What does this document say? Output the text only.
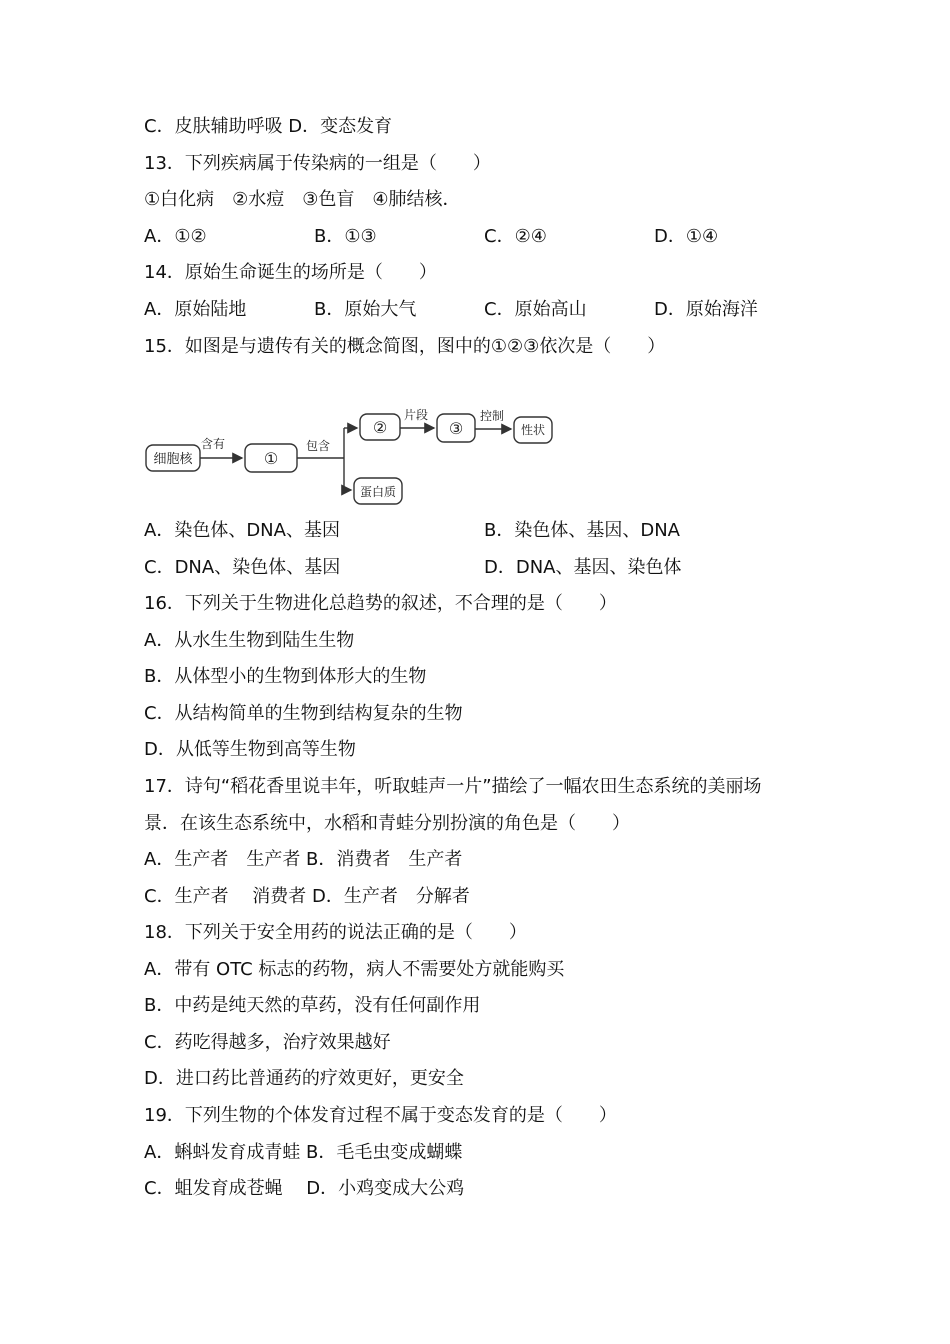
C．皮肤辅助呼吸 D．变态发育
13．下列疾病属于传染病的一组是（　　）
①白化病　②水痘　③色盲　④肺结核．
A．①②	B．①③	C．②④	D．①④
14．原始生命诞生的场所是（　　）
A．原始陆地	B．原始大气	C．原始高山	D．原始海洋
15．如图是与遗传有关的概念简图，图中的①②③依次是（　　）
细胞核
含有
①
包含
②
片段
③
控制
性状
蛋白质
A．染色体、DNA、基因	B．染色体、基因、DNA
C．DNA、染色体、基因	D．DNA、基因、染色体
16．下列关于生物进化总趋势的叙述，不合理的是（　　）
A．从水生生物到陆生生物
B．从体型小的生物到体形大的生物
C．从结构简单的生物到结构复杂的生物
D．从低等生物到高等生物
17．诗句“稻花香里说丰年，听取蛙声一片”描绘了一幅农田生态系统的美丽场
景．在该生态系统中，水稻和青蛙分别扮演的角色是（　　）
A．生产者　生产者 B．消费者　生产者
C．生产者　 消费者 D．生产者　分解者
18．下列关于安全用药的说法正确的是（　　）
A．带有 OTC 标志的药物，病人不需要处方就能购买
B．中药是纯天然的草药，没有任何副作用
C．药吃得越多，治疗效果越好
D．进口药比普通药的疗效更好，更安全
19．下列生物的个体发育过程不属于变态发育的是（　　）
A．蝌蚪发育成青蛙 B．毛毛虫变成蝴蝶
C．蛆发育成苍蝇　 D．小鸡变成大公鸡
